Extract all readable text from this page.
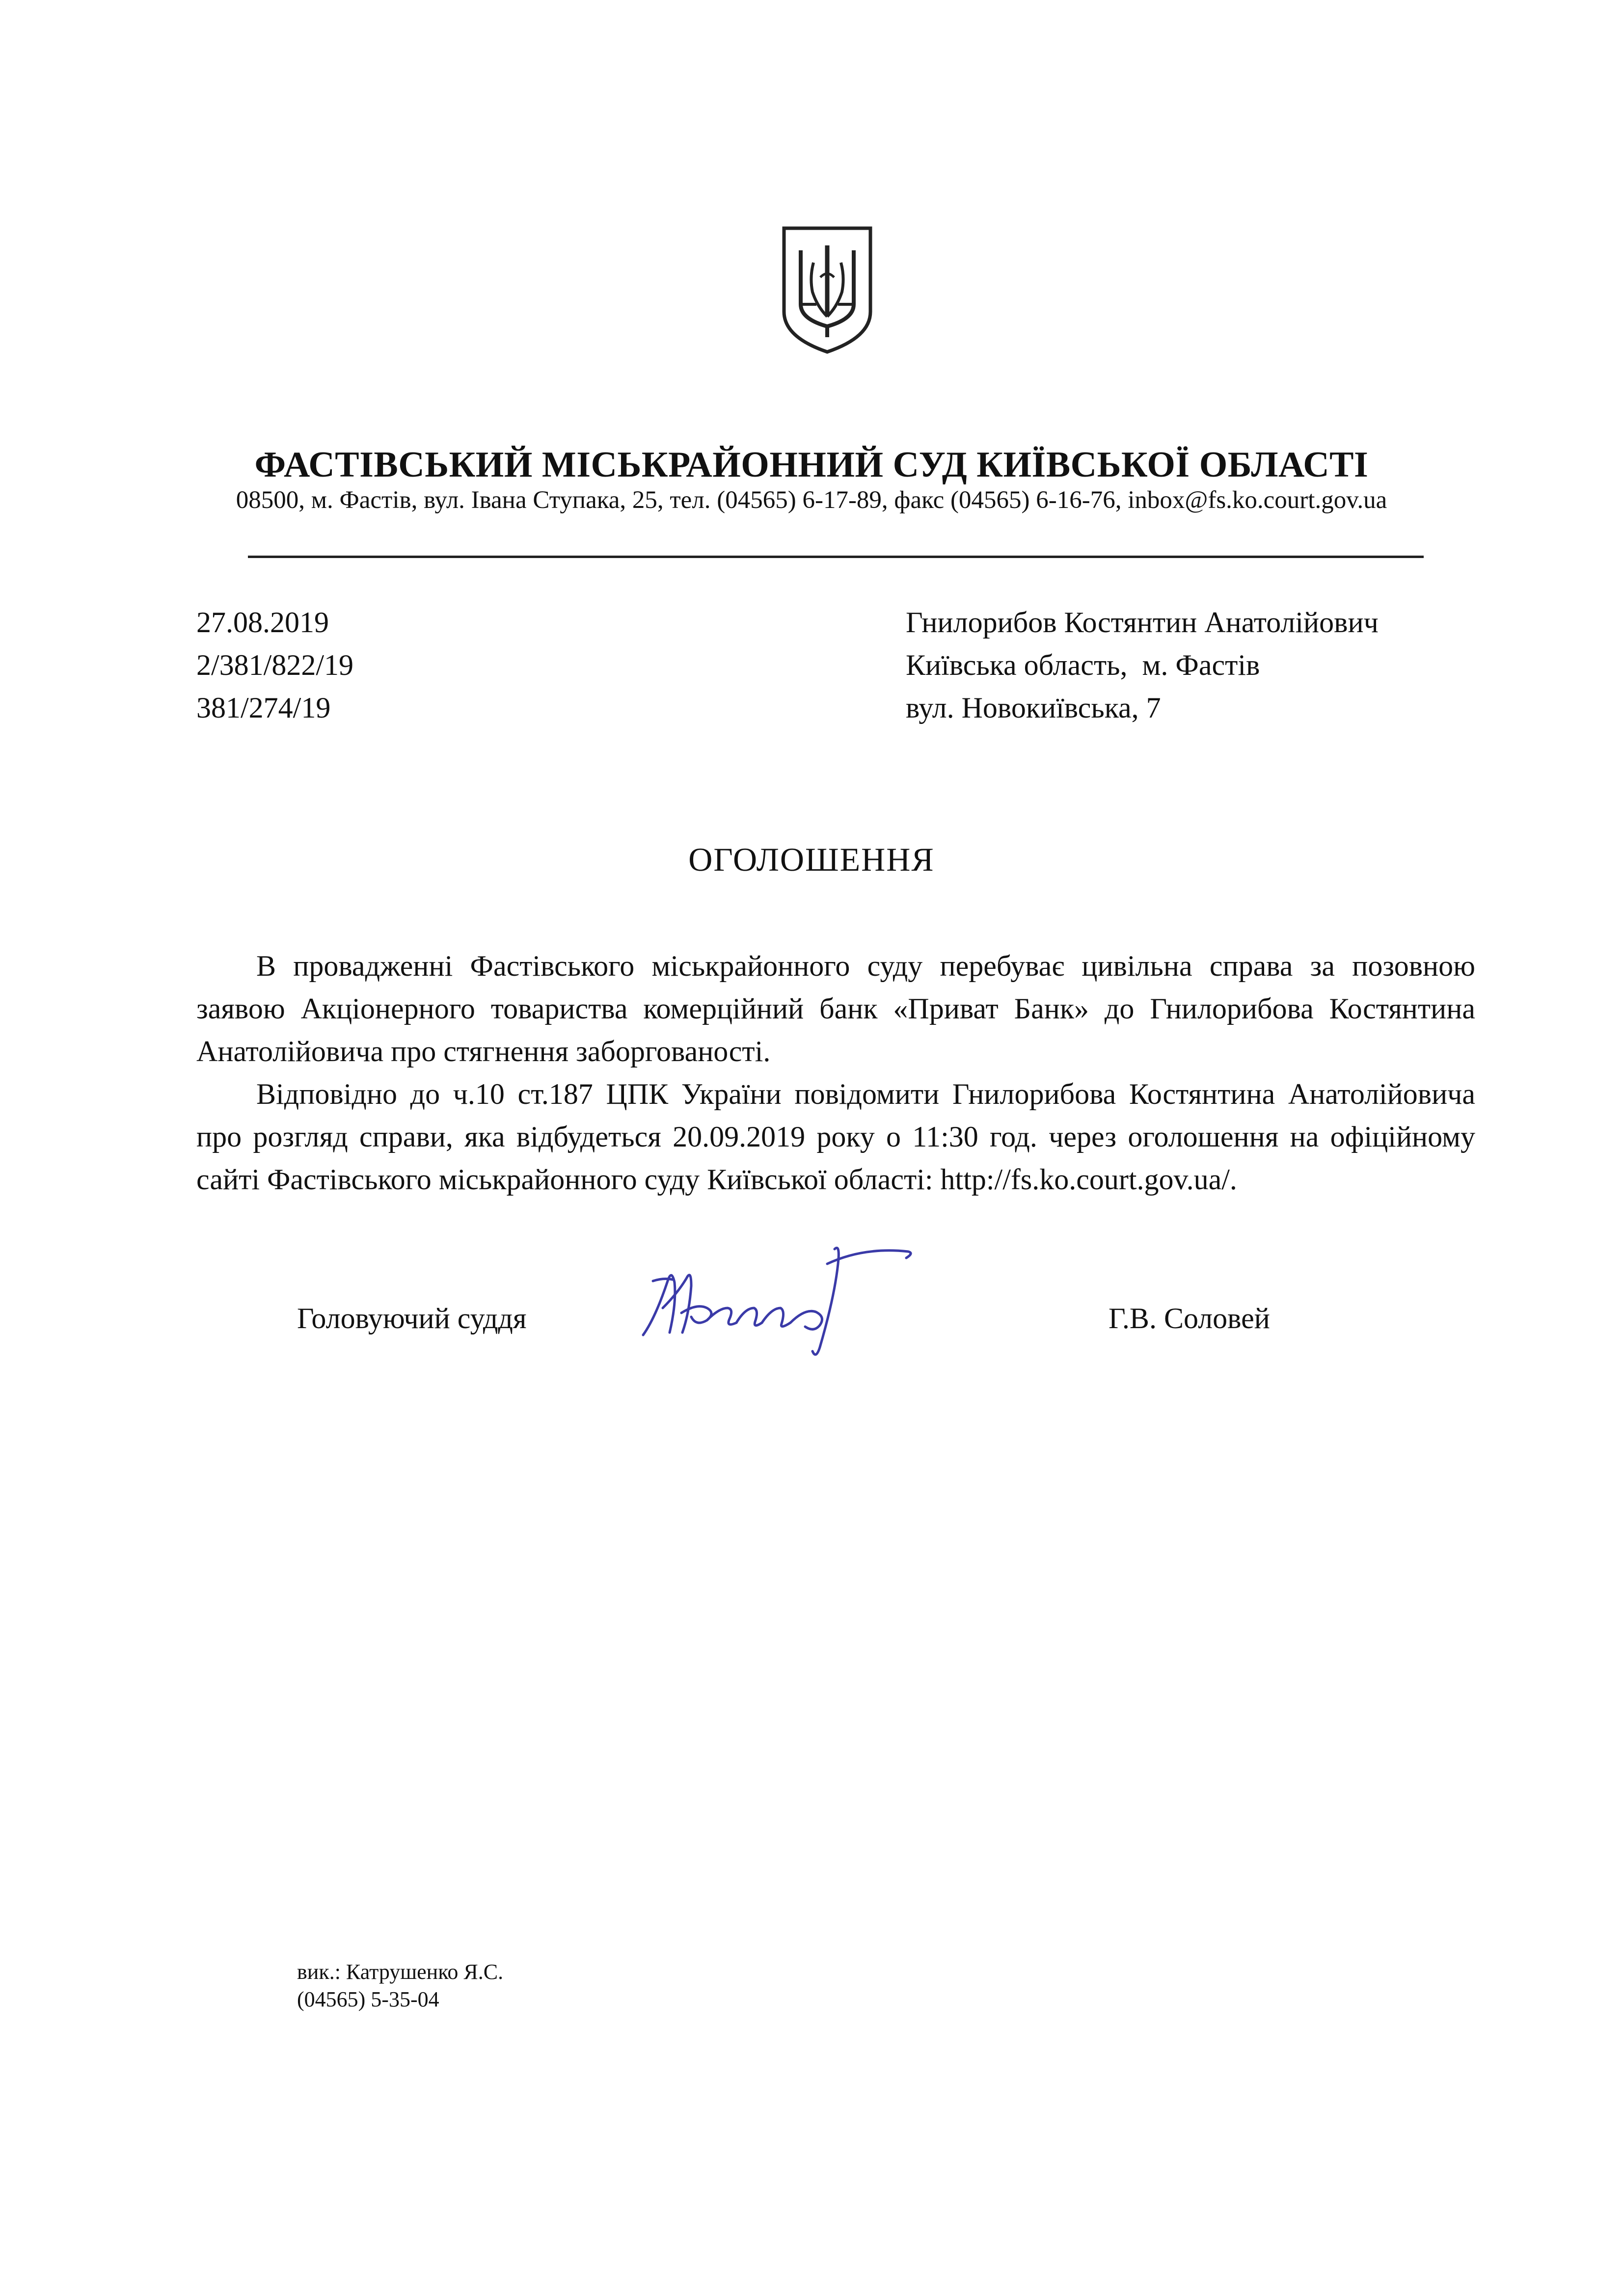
ФАСТІВСЬКИЙ МІСЬКРАЙОННИЙ СУД КИЇВСЬКОЇ ОБЛАСТІ
08500, м. Фастів, вул. Івана Ступака, 25, тел. (04565) 6-17-89, факс (04565) 6-16-76, inbox@fs.ko.court.gov.ua
27.08.2019
2/381/822/19
381/274/19
Гнилорибов Костянтин Анатолійович
Київська область,  м. Фастів
вул. Новокиївська, 7
ОГОЛОШЕННЯ

В провадженні Фастівського міськрайонного суду перебуває цивільна справа за позовною заявою Акціонерного товариства комерційний банк «Приват Банк» до Гнилорибова Костянтина Анатолійовича про стягнення заборгованості.

Відповідно до ч.10 ст.187 ЦПК України повідомити Гнилорибова Костянтина Анатолійовича про розгляд справи, яка відбудеться 20.09.2019 року о 11:30 год. через оголошення на офіційному сайті Фастівського міськрайонного суду Київської області: http://fs.ko.court.gov.ua/.

Головуючий суддя	Г.В. Соловей
вик.: Катрушенко Я.С.
(04565) 5-35-04
